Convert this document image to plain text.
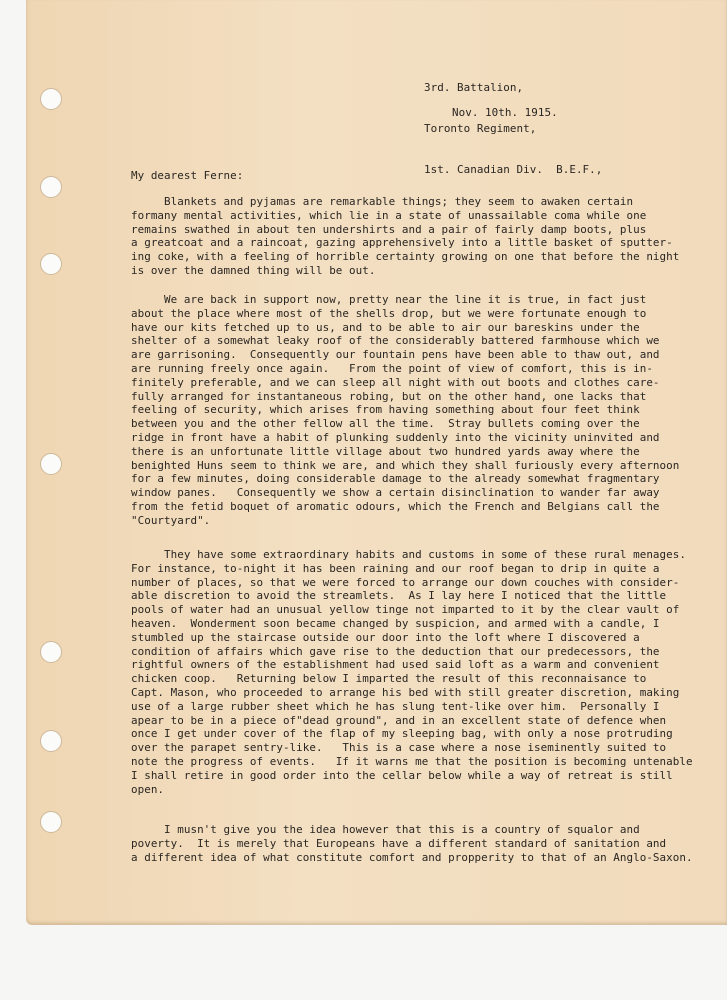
3rd. Battalion,

Toronto Regiment,

1st. Canadian Div.  B.E.F.,

Nov. 10th. 1915.
My dearest Ferne:
Blankets and pyjamas are remarkable things; they seem to awaken certain
formany mental activities, which lie in a state of unassailable coma while one
remains swathed in about ten undershirts and a pair of fairly damp boots, plus
a greatcoat and a raincoat, gazing apprehensively into a little basket of sputter-
ing coke, with a feeling of horrible certainty growing on one that before the night
is over the damned thing will be out.
We are back in support now, pretty near the line it is true, in fact just
about the place where most of the shells drop, but we were fortunate enough to
have our kits fetched up to us, and to be able to air our bareskins under the
shelter of a somewhat leaky roof of the considerably battered farmhouse which we
are garrisoning.  Consequently our fountain pens have been able to thaw out, and
are running freely once again.   From the point of view of comfort, this is in-
finitely preferable, and we can sleep all night with out boots and clothes care-
fully arranged for instantaneous robing, but on the other hand, one lacks that
feeling of security, which arises from having something about four feet think
between you and the other fellow all the time.  Stray bullets coming over the
ridge in front have a habit of plunking suddenly into the vicinity uninvited and
there is an unfortunate little village about two hundred yards away where the
benighted Huns seem to think we are, and which they shall furiously every afternoon
for a few minutes, doing considerable damage to the already somewhat fragmentary
window panes.   Consequently we show a certain disinclination to wander far away
from the fetid boquet of aromatic odours, which the French and Belgians call the
"Courtyard".
They have some extraordinary habits and customs in some of these rural menages.
For instance, to-night it has been raining and our roof began to drip in quite a
number of places, so that we were forced to arrange our down couches with consider-
able discretion to avoid the streamlets.  As I lay here I noticed that the little
pools of water had an unusual yellow tinge not imparted to it by the clear vault of
heaven.  Wonderment soon became changed by suspicion, and armed with a candle, I
stumbled up the staircase outside our door into the loft where I discovered a
condition of affairs which gave rise to the deduction that our predecessors, the
rightful owners of the establishment had used said loft as a warm and convenient
chicken coop.   Returning below I imparted the result of this reconnaisance to
Capt. Mason, who proceeded to arrange his bed with still greater discretion, making
use of a large rubber sheet which he has slung tent-like over him.  Personally I
apear to be in a piece of"dead ground", and in an excellent state of defence when
once I get under cover of the flap of my sleeping bag, with only a nose protruding
over the parapet sentry-like.   This is a case where a nose iseminently suited to
note the progress of events.   If it warns me that the position is becoming untenable
I shall retire in good order into the cellar below while a way of retreat is still
open.
I musn't give you the idea however that this is a country of squalor and
poverty.  It is merely that Europeans have a different standard of sanitation and
a different idea of what constitute comfort and propperity to that of an Anglo-Saxon.
